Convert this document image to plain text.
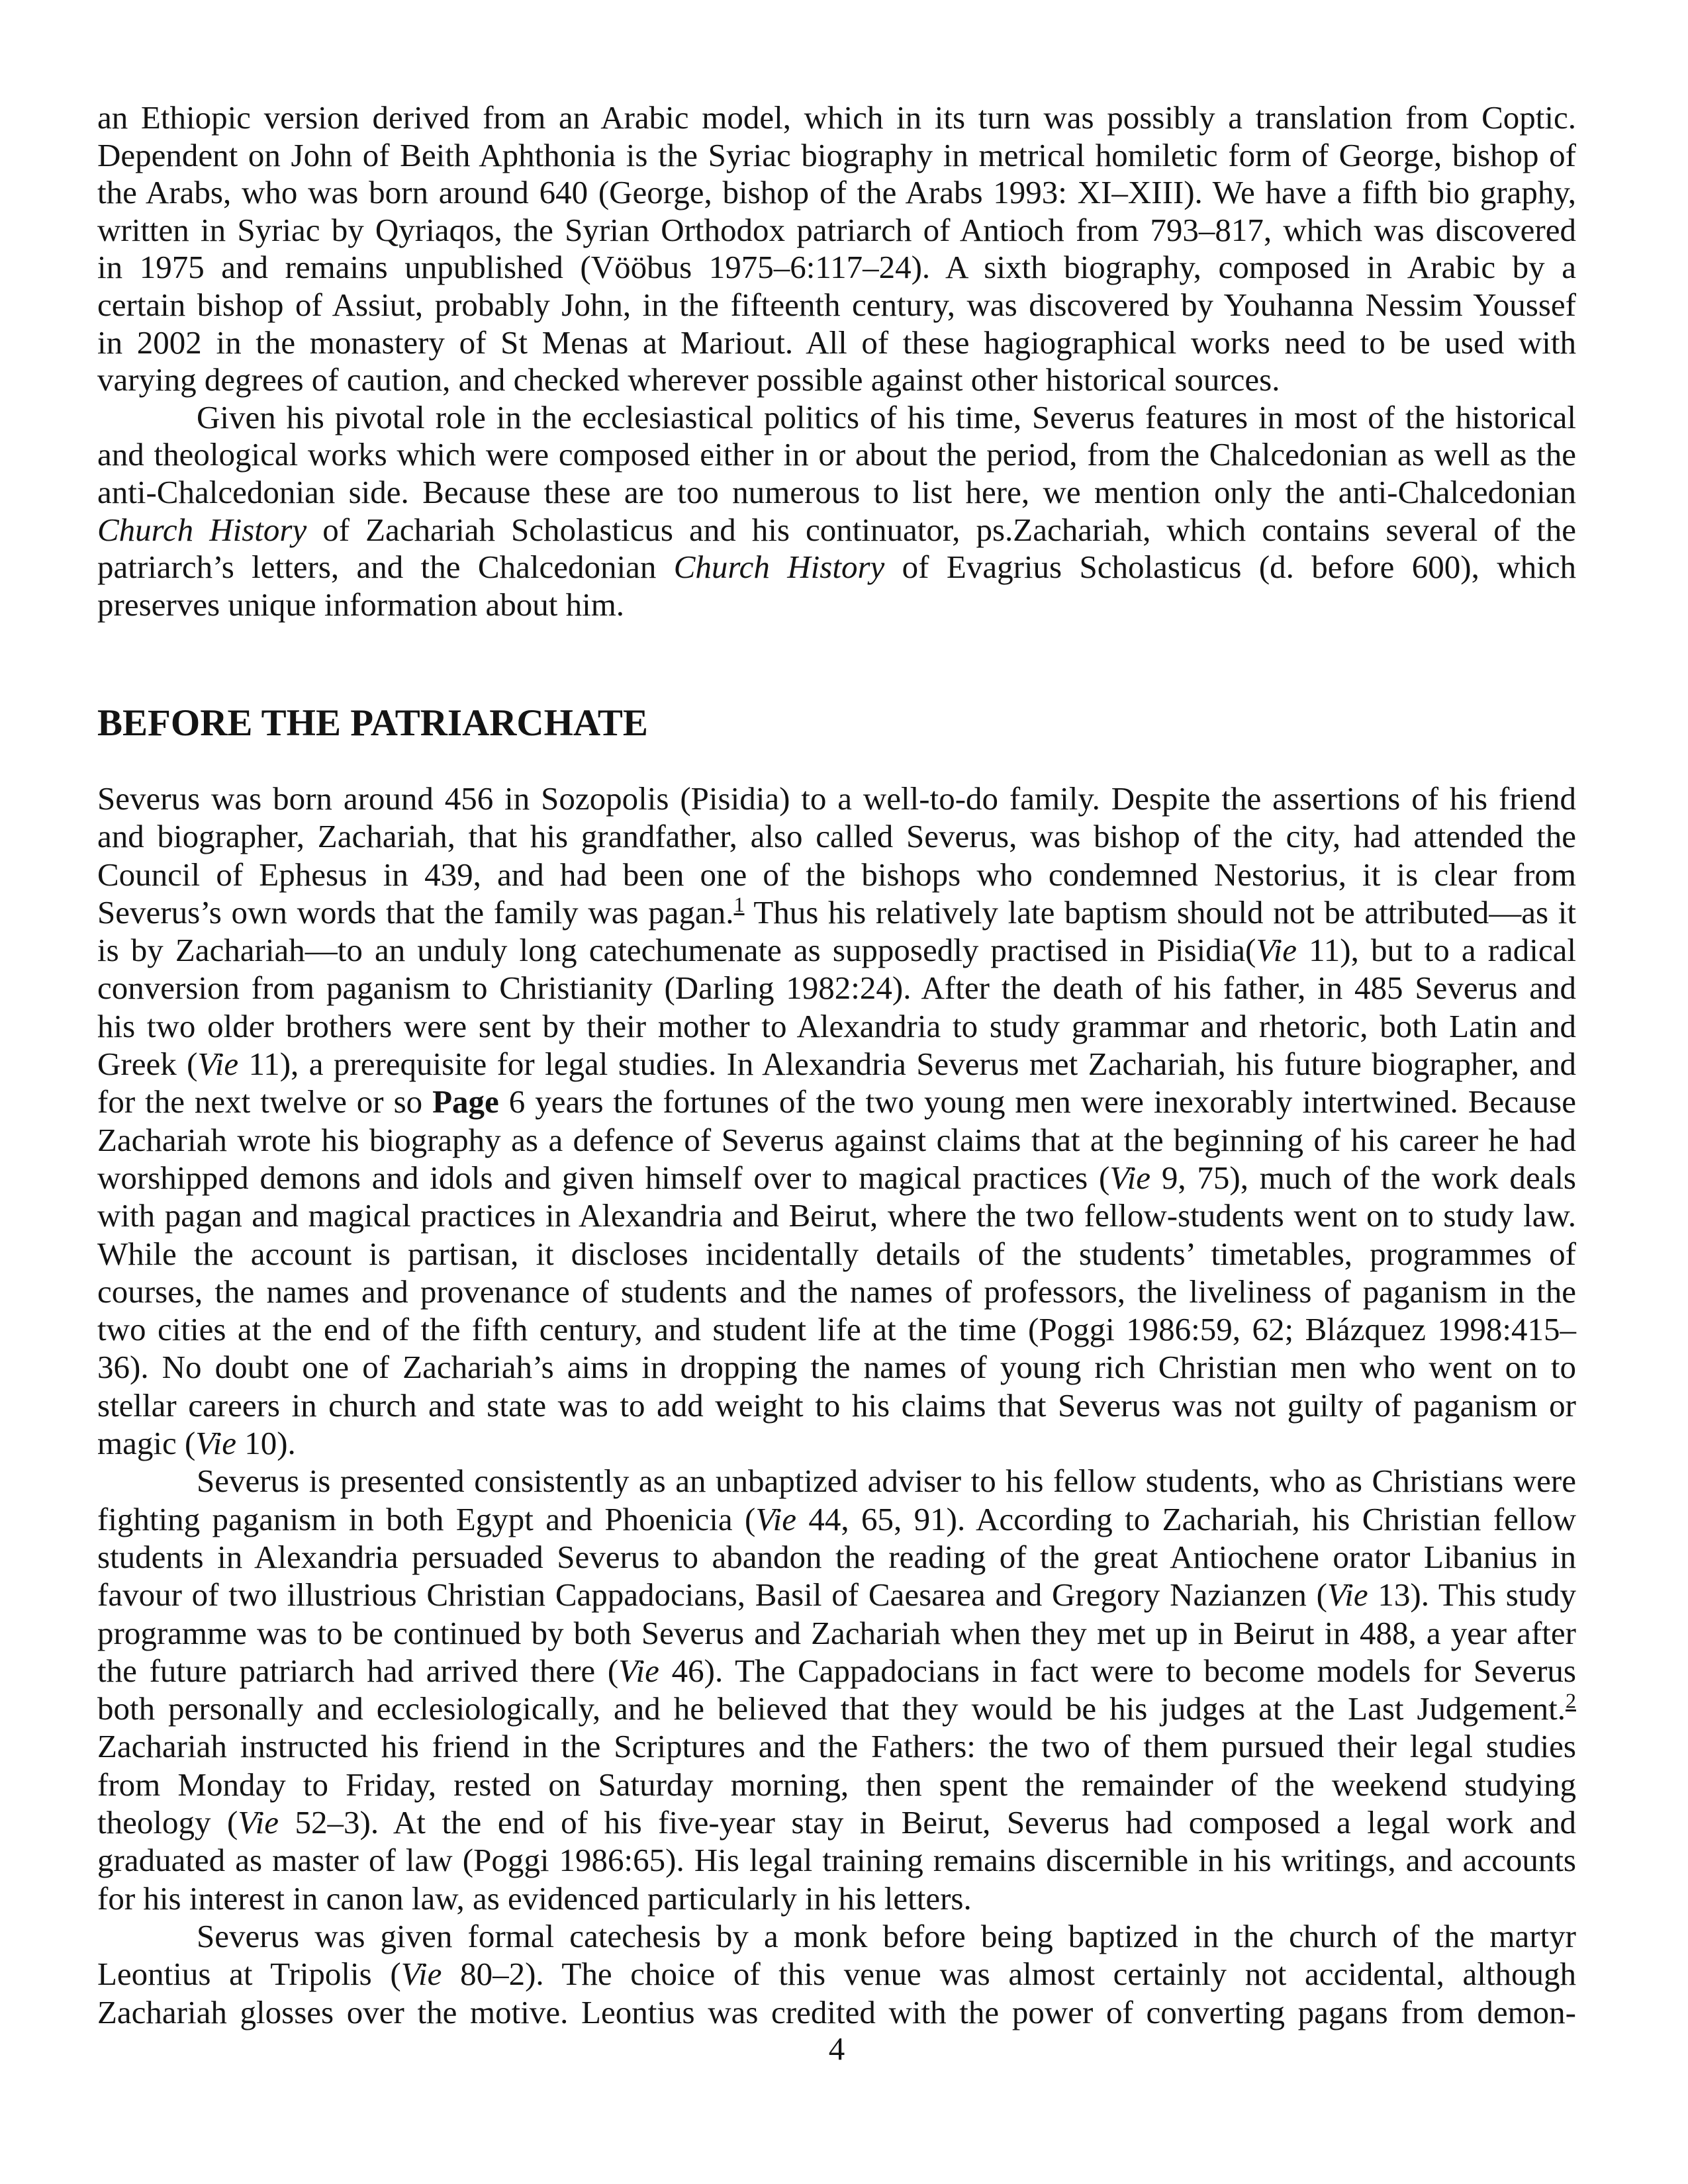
an Ethiopic version derived from an Arabic model, which in its turn was possibly a translation from Coptic.
Dependent on John of Beith Aphthonia is the Syriac biography in metrical homiletic form of George, bishop of
the Arabs, who was born around 640 (George, bishop of the Arabs 1993: XI–XIII). We have a fifth bio graphy,
written in Syriac by Qyriaqos, the Syrian Orthodox patriarch of Antioch from 793–817, which was discovered
in 1975 and remains unpublished (Vööbus 1975–6:117–24). A sixth biography, composed in Arabic by a
certain bishop of Assiut, probably John, in the fifteenth century, was discovered by Youhanna Nessim Youssef
in 2002 in the monastery of St Menas at Mariout. All of these hagiographical works need to be used with
varying degrees of caution, and checked wherever possible against other historical sources.
Given his pivotal role in the ecclesiastical politics of his time, Severus features in most of the historical
and theological works which were composed either in or about the period, from the Chalcedonian as well as the
anti-Chalcedonian side. Because these are too numerous to list here, we mention only the anti-Chalcedonian
Church History of Zachariah Scholasticus and his continuator, ps.Zachariah, which contains several of the
patriarch’s letters, and the Chalcedonian Church History of Evagrius Scholasticus (d. before 600), which
preserves unique information about him.
BEFORE THE PATRIARCHATE
Severus was born around 456 in Sozopolis (Pisidia) to a well-to-do family. Despite the assertions of his friend
and biographer, Zachariah, that his grandfather, also called Severus, was bishop of the city, had attended the
Council of Ephesus in 439, and had been one of the bishops who condemned Nestorius, it is clear from
Severus’s own words that the family was pagan.$^1$ Thus his relatively late baptism should not be attributed—as it
is by Zachariah—to an unduly long catechumenate as supposedly practised in Pisidia(Vie 11), but to a radical
conversion from paganism to Christianity (Darling 1982:24). After the death of his father, in 485 Severus and
his two older brothers were sent by their mother to Alexandria to study grammar and rhetoric, both Latin and
Greek (Vie 11), a prerequisite for legal studies. In Alexandria Severus met Zachariah, his future biographer, and
for the next twelve or so Page 6 years the fortunes of the two young men were inexorably intertwined. Because
Zachariah wrote his biography as a defence of Severus against claims that at the beginning of his career he had
worshipped demons and idols and given himself over to magical practices (Vie 9, 75), much of the work deals
with pagan and magical practices in Alexandria and Beirut, where the two fellow-students went on to study law.
While the account is partisan, it discloses incidentally details of the students’ timetables, programmes of
courses, the names and provenance of students and the names of professors, the liveliness of paganism in the
two cities at the end of the fifth century, and student life at the time (Poggi 1986:59, 62; Blázquez 1998:415–
36). No doubt one of Zachariah’s aims in dropping the names of young rich Christian men who went on to
stellar careers in church and state was to add weight to his claims that Severus was not guilty of paganism or
magic (Vie 10).
Severus is presented consistently as an unbaptized adviser to his fellow students, who as Christians were
fighting paganism in both Egypt and Phoenicia (Vie 44, 65, 91). According to Zachariah, his Christian fellow
students in Alexandria persuaded Severus to abandon the reading of the great Antiochene orator Libanius in
favour of two illustrious Christian Cappadocians, Basil of Caesarea and Gregory Nazianzen (Vie 13). This study
programme was to be continued by both Severus and Zachariah when they met up in Beirut in 488, a year after
the future patriarch had arrived there (Vie 46). The Cappadocians in fact were to become models for Severus
both personally and ecclesiologically, and he believed that they would be his judges at the Last Judgement.$^2$
Zachariah instructed his friend in the Scriptures and the Fathers: the two of them pursued their legal studies
from Monday to Friday, rested on Saturday morning, then spent the remainder of the weekend studying
theology (Vie 52–3). At the end of his five-year stay in Beirut, Severus had composed a legal work and
graduated as master of law (Poggi 1986:65). His legal training remains discernible in his writings, and accounts
for his interest in canon law, as evidenced particularly in his letters.
Severus was given formal catechesis by a monk before being baptized in the church of the martyr
Leontius at Tripolis (Vie 80–2). The choice of this venue was almost certainly not accidental, although
Zachariah glosses over the motive. Leontius was credited with the power of converting pagans from demon-
4
